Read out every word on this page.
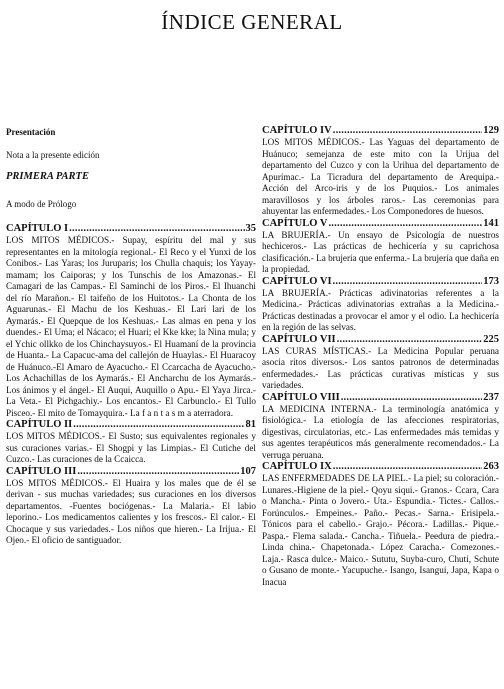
ÍNDICE GENERAL

Presentación

Nota a la presente edición

PRIMERA PARTE

A modo de Prólogo

CAPÍTULO I . . .	35

LOS MITOS MÉDICOS.- Supay, espíritu del mal y sus representantes en la mitología regional.- El Reco y el Yunxi de los Conibos.- Las Yaras; los Juruparis; los Chulla chaquis; los Yayay-mamam; los Caiporas; y los Tunschis de los Amazonas.- El Camagari de las Campas.- El Saminchi de los Piros.- El Ihuanchi del río Marañon.- El taifeño de los Huitotos.- La Chonta de los Aguarunas.- El Machu de los Keshuas.- El Lari lari de los Aymarás.- El Quepque de los Keshuas.- Las almas en pena y los duendes.- El Uma; el Nácaco; el Huari; el Kke kke; la Nina mula; y el Ychic ollkko de los Chinchaysuyos.- El Huamaní de la provincia de Huanta.- La Capacuc-ama del callejón de Huaylas.- El Huaracoy de Huánuco.-El Amaro de Ayacucho.- El Ccarcacha de Ayacucho.- Los Achachillas de los Aymarás.- El Ancharchu de los Aymarás.- Los ánimos y el ángel.- El Auqui, Auquillo o Apu.- El Yaya Jirca.- La Veta.- El Pichgachiy.- Los encantos.- El Carbunclo.- El Tullo Pisceo.- El mito de Tomayquira.- La f a n t a s m a aterradora.

CAPÍTULO II . . .	81

LOS MITOS MÉDICOS.- El Susto; sus equivalentes regionales y sus curaciones varias.- El Shogpi y las Limpias.- El Cutiche del Cuzco.- Las curaciones de la Ccaicca.

CAPÍTULO III . . .	107

LOS MITOS MÉDICOS.- El Huaira y los males que de él se derivan - sus muchas variedades; sus curaciones en los diversos departamentos. -Fuentes bociógenas.- La Malaria.- El labio leporino.- Los medicamentos calientes y los frescos.- El calor.- El Chocaque y sus variedades.- Los niños que hieren.- La Irijua.- El Ojeo.- El oficio de santiguador.

CAPÍTULO IV . . .	129

LOS MITOS MÉDICOS.- Las Yaguas del departamento de Huánuco; semejanza de este mito con la Urijua del departamento del Cuzco y con la Urihua del departamento de Apurímac.- La Ticradura del departamento de Arequipa.- Acción del Arco-iris y de los Puquios.- Los animales maravillosos y los árboles raros.- Las ceremonias para ahuyentar las enfermedades.- Los Componedores de huesos.

CAPÍTULO V . . .	141

LA BRUJERÍA.- Un ensayo de Psicología de nuestros hechiceros.- Las prácticas de hechicería y su caprichosa clasificación.- La brujería que enferma.- La brujería que daña en la propiedad.

CAPÍTULO VI . . .	173

LA BRUJERÍA.- Prácticas adivinatorias referentes a la Medicina.- Prácticas adivinatorias extrañas a la Medicina.- Prácticas destinadas a provocar el amor y el odio. La hechicería en la región de las selvas.

CAPÍTULO VII . . .	225

LAS CURAS MÍSTICAS.- La Medicina Popular peruana asocia ritos diversos.- Los santos patronos de determinadas enfermedades.- Las prácticas curativas místicas y sus variedades.

CAPÍTULO VIII . . .	237

LA MEDICINA INTERNA.- La terminología anatómica y fisiológica.- La etiología de las afecciones respiratorias, digestivas, circulatorias, etc.- Las enfermedades más temidas y sus agentes terapéuticos más generalmente recomendados.- La verruga peruana.

CAPÍTULO IX . . .	263

LAS ENFERMEDADES DE LA PIEL.- La piel; su coloración.- Lunares.-Higiene de la piel.- Qoyu siqui.- Granos.- Ccara, Cara o Mancha.- Pinta o Jovero.- Uta.- Espundia.- Tictes.- Callos.- Forúnculos.- Empeines.- Paño.- Pecas.- Sarna.- Erisipela.- Tónicos para el cabello.- Grajo.- Pécora.- Ladillas.- Pique.- Paspa.- Flema salada.- Cancha.- Tiñuela.- Peedura de piedra.- Linda china.- Chapetonada.- López Caracha.- Comezones.- Laja.- Rasca dulce.- Maico.- Sututu, Suyba-curo, Chuti, Schute o Gusano de monte.- Yacupuche.- Isango, Isangui, Japa, Kapa o Inacua
